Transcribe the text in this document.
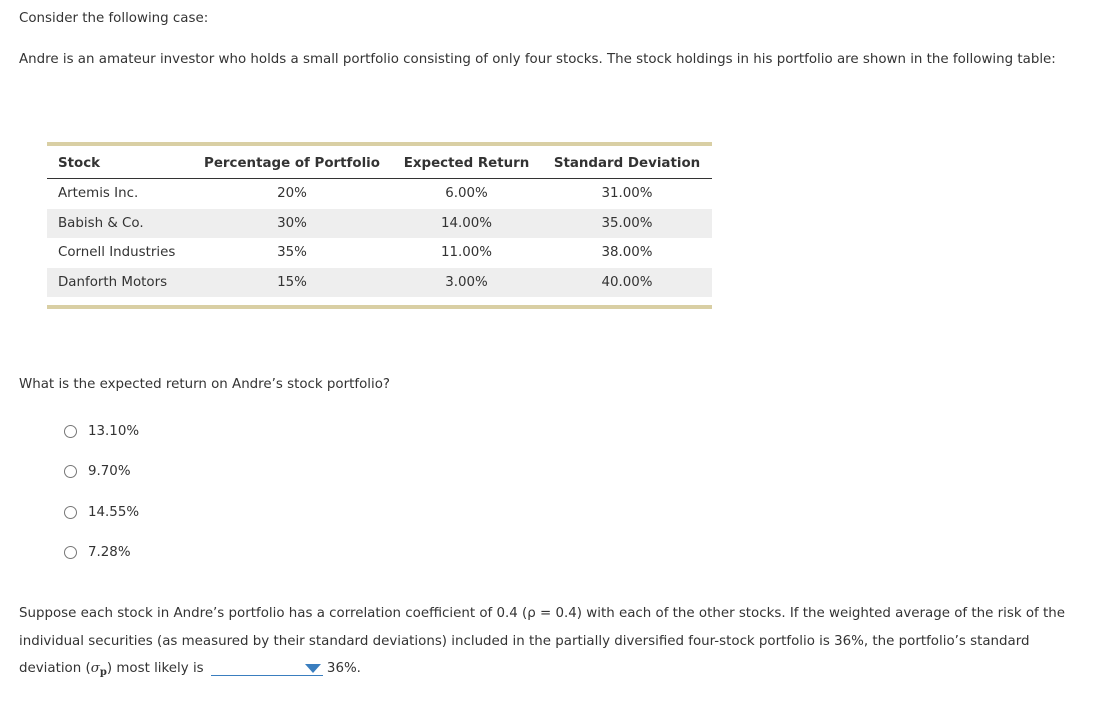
Consider the following case:

Andre is an amateur investor who holds a small portfolio consisting of only four stocks. The stock holdings in his portfolio are shown in the following table:

Stock	Percentage of Portfolio	Expected Return	Standard Deviation
Artemis Inc.	20%	6.00%	31.00%
Babish & Co.	30%	14.00%	35.00%
Cornell Industries	35%	11.00%	38.00%
Danforth Motors	15%	3.00%	40.00%

What is the expected return on Andre’s stock portfolio?

13.10%
9.70%
14.55%
7.28%

Suppose each stock in Andre’s portfolio has a correlation coefficient of 0.4 (ρ = 0.4) with each of the other stocks. If the weighted average of the risk of the individual securities (as measured by their standard deviations) included in the partially diversified four-stock portfolio is 36%, the portfolio’s standard deviation $(\sigma_p)$ most likely is	36%.
